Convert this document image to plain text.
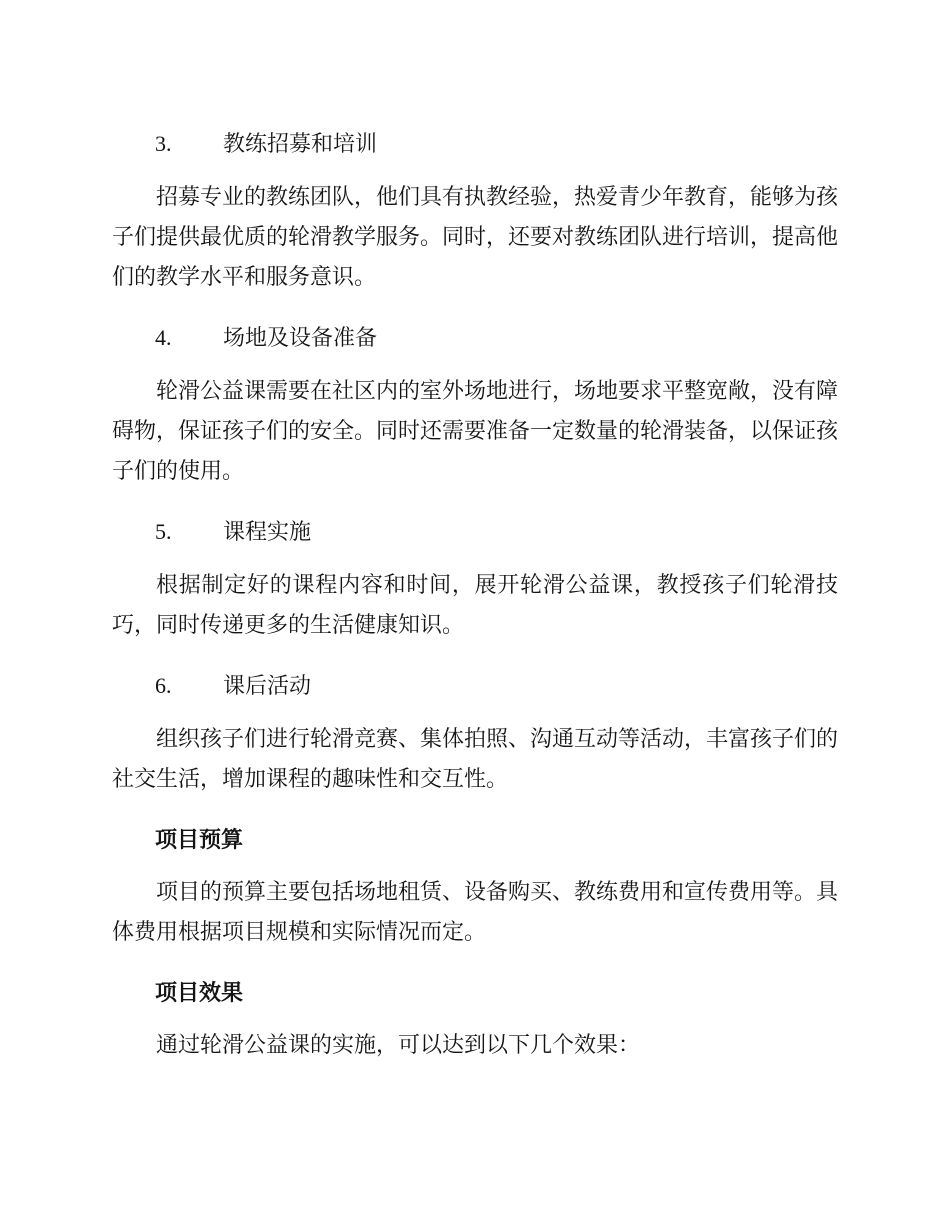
3. 教练招募和培训

招募专业的教练团队，他们具有执教经验，热爱青少年教育，能够为孩子们提供最优质的轮滑教学服务。同时，还要对教练团队进行培训，提高他们的教学水平和服务意识。

4. 场地及设备准备

轮滑公益课需要在社区内的室外场地进行，场地要求平整宽敞，没有障碍物，保证孩子们的安全。同时还需要准备一定数量的轮滑装备，以保证孩子们的使用。

5. 课程实施

根据制定好的课程内容和时间，展开轮滑公益课，教授孩子们轮滑技巧，同时传递更多的生活健康知识。

6. 课后活动

组织孩子们进行轮滑竞赛、集体拍照、沟通互动等活动，丰富孩子们的社交生活，增加课程的趣味性和交互性。

项目预算

项目的预算主要包括场地租赁、设备购买、教练费用和宣传费用等。具体费用根据项目规模和实际情况而定。

项目效果

通过轮滑公益课的实施，可以达到以下几个效果：
